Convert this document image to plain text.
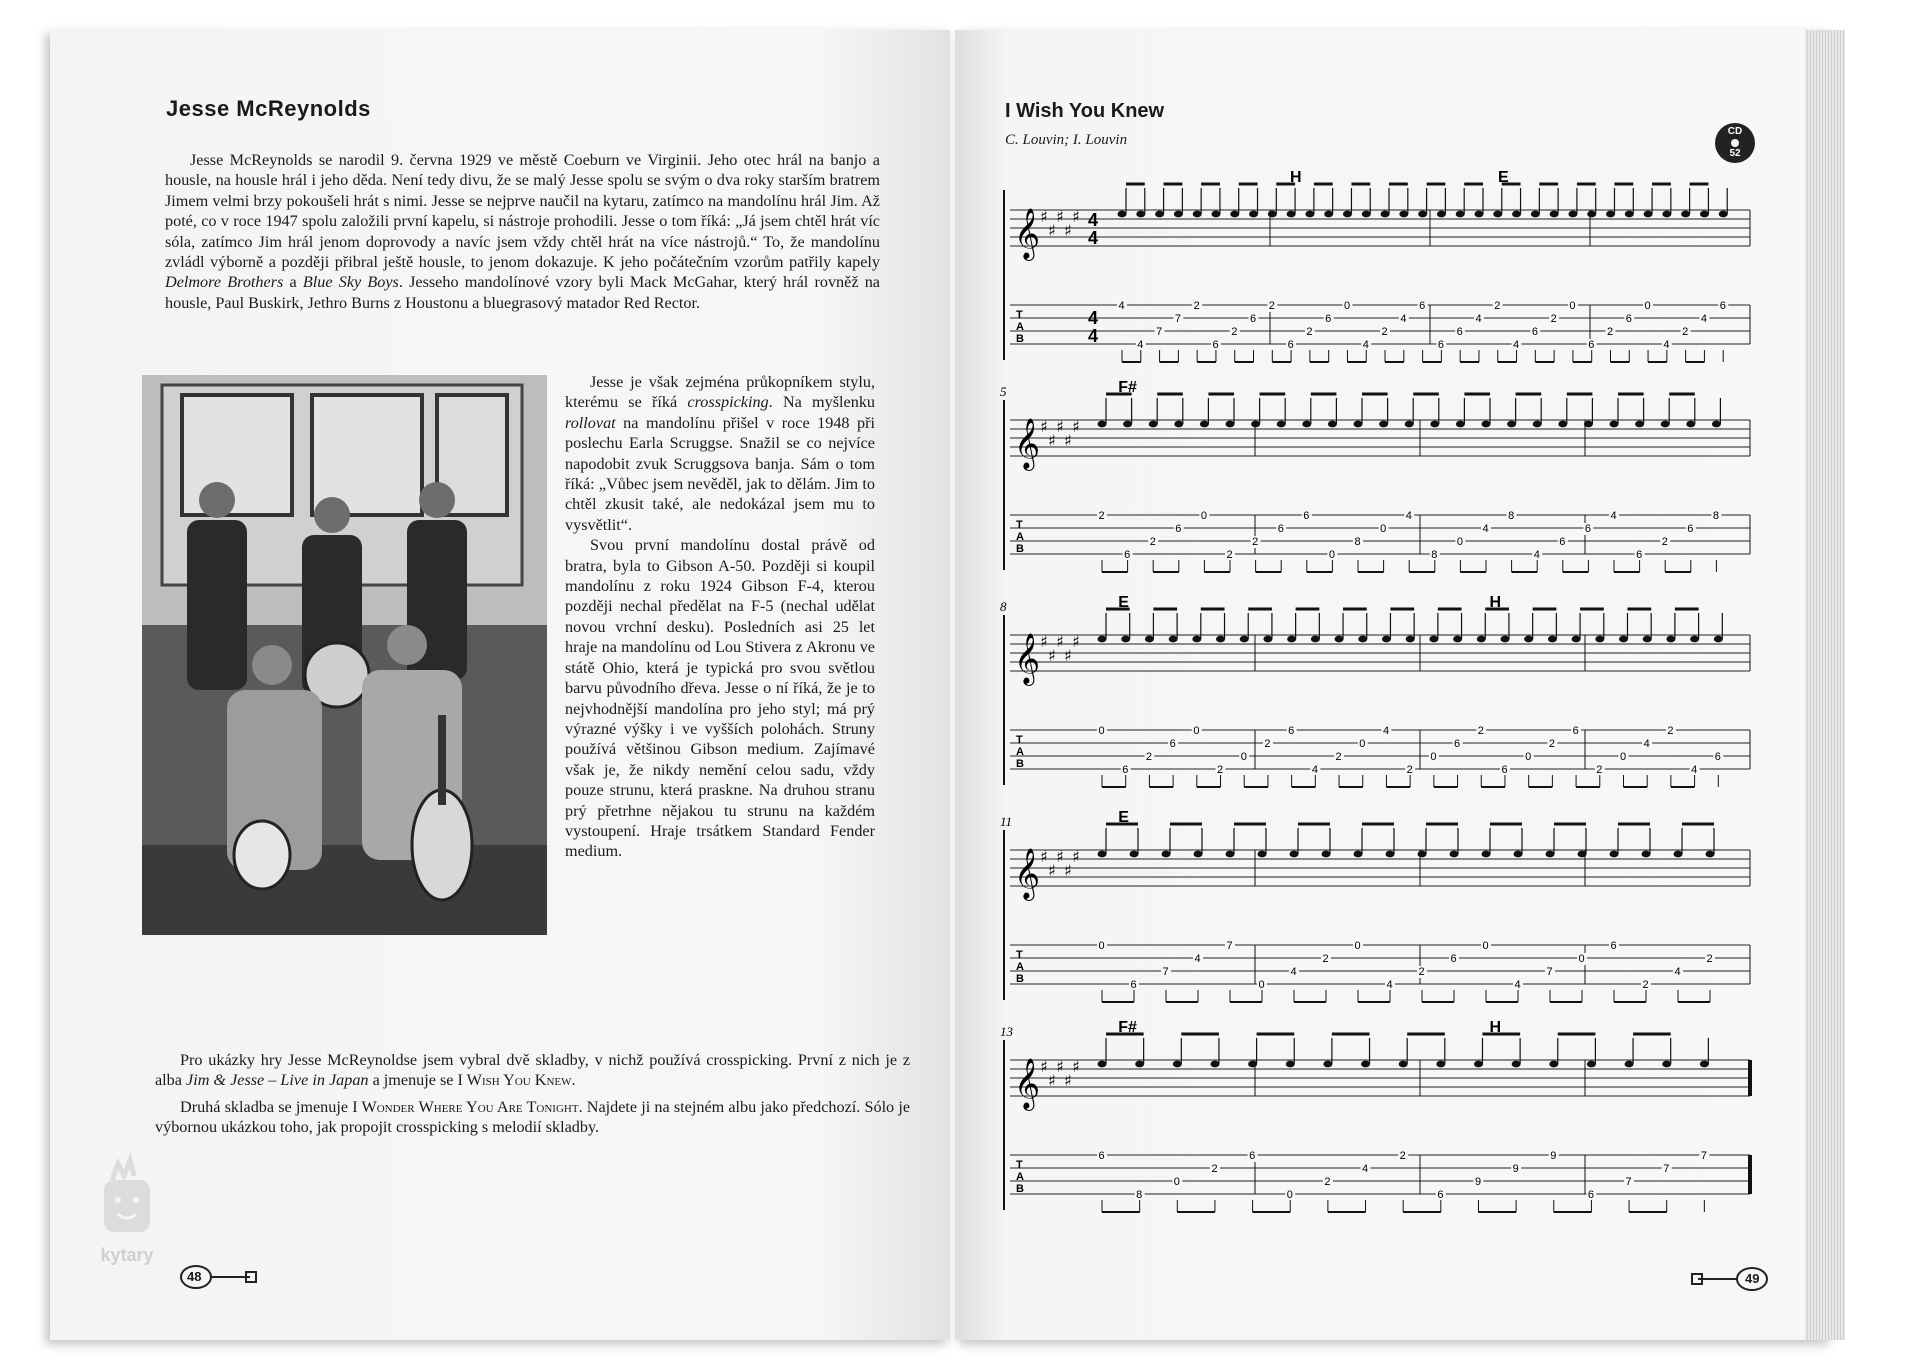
Jesse McReynolds

Jesse McReynolds se narodil 9. června 1929 ve městě Coeburn ve Virginii. Jeho otec hrál na banjo a housle, na housle hrál i jeho děda. Není tedy divu, že se malý Jesse spolu se svým o dva roky starším bratrem Jimem velmi brzy pokoušeli hrát s nimi. Jesse se nejprve naučil na kytaru, zatímco na mandolínu hrál Jim. Až poté, co v roce 1947 spolu založili první kapelu, si nástroje prohodili. Jesse o tom říká: „Já jsem chtěl hrát víc sóla, zatímco Jim hrál jenom doprovody a navíc jsem vždy chtěl hrát na více nástrojů.“ To, že mandolínu zvládl výborně a později přibral ještě housle, to jenom dokazuje. K jeho počátečním vzorům patřily kapely Delmore Brothers a Blue Sky Boys. Jesseho mandolínové vzory byli Mack McGahar, který hrál rovněž na housle, Paul Buskirk, Jethro Burns z Houstonu a bluegrasový matador Red Rector.

Jesse je však zejména průkopníkem stylu, kterému se říká crosspicking. Na myšlenku rollovat na mandolínu přišel v roce 1948 při poslechu Earla Scruggse. Snažil se co nejvíce napodobit zvuk Scruggsova banja. Sám o tom říká: „Vůbec jsem nevěděl, jak to dělám. Jim to chtěl zkusit také, ale nedokázal jsem mu to vysvětlit“.
Svou první mandolínu dostal právě od bratra, byla to Gibson A-50. Později si koupil mandolínu z roku 1924 Gibson F-4, kterou později nechal předělat na F-5 (nechal udělat novou vrchní desku). Posledních asi 25 let hraje na mandolínu od Lou Stivera z Akronu ve státě Ohio, která je typická pro svou světlou barvu původního dřeva. Jesse o ní říká, že je to nejvhodnější mandolína pro jeho styl; má prý výrazné výšky i ve vyšších polohách. Struny používá většinou Gibson medium. Zajímavé však je, že nikdy nemění celou sadu, vždy pouze strunu, která praskne. Na druhou stranu prý přetrhne nějakou tu strunu na každém vystoupení. Hraje trsátkem Standard Fender medium.

Pro ukázky hry Jesse McReynoldse jsem vybral dvě skladby, v nichž používá crosspicking. První z nich je z alba Jim & Jesse – Live in Japan a jmenuje se I Wish You Knew.

Druhá skladba se jmenuje I Wonder Where You Are Tonight. Najdete ji na stejném albu jako předchozí. Sólo je výbornou ukázkou toho, jak propojit crosspicking s melodií skladby.

kytary
48
I Wish You Knew
C. Louvin; I. Louvin
CD
52
T
A
B
𝄞 ♯
♯
♯
♯
♯ 4
4
4
4
H	E
4
4
7
7
2
6
2
6
2
6
2
6
0
4
2
4
6
6
6
4
2
4
6
2
0
6
2
6
0
4
2
4
6
T
A
B
𝄞 ♯
♯
♯
♯
♯
5	F#
2
6
2
6
0
2
2
6
6
0
8
0
4
8
0
4
8
4
6
6
4
6
2
6
8
T
A
B
𝄞 ♯
♯
♯
♯
♯
8	E	H
0
6
2
6
0
2
0
2
6
4
2
0
4
2
0
6
2
6
0
2
6
2
0
4
2
4
6
T
A
B
𝄞 ♯
♯
♯
♯
♯
11	E
0
6
7
4
7
0
4
2
0
4
2
6
0
4
7
0
6
2
4
2
T
A
B
𝄞 ♯
♯
♯
♯
♯
13	F#	H
6
8
0
2
6
0
2
4
2
6
9
9
9
6
7
7
7
49
